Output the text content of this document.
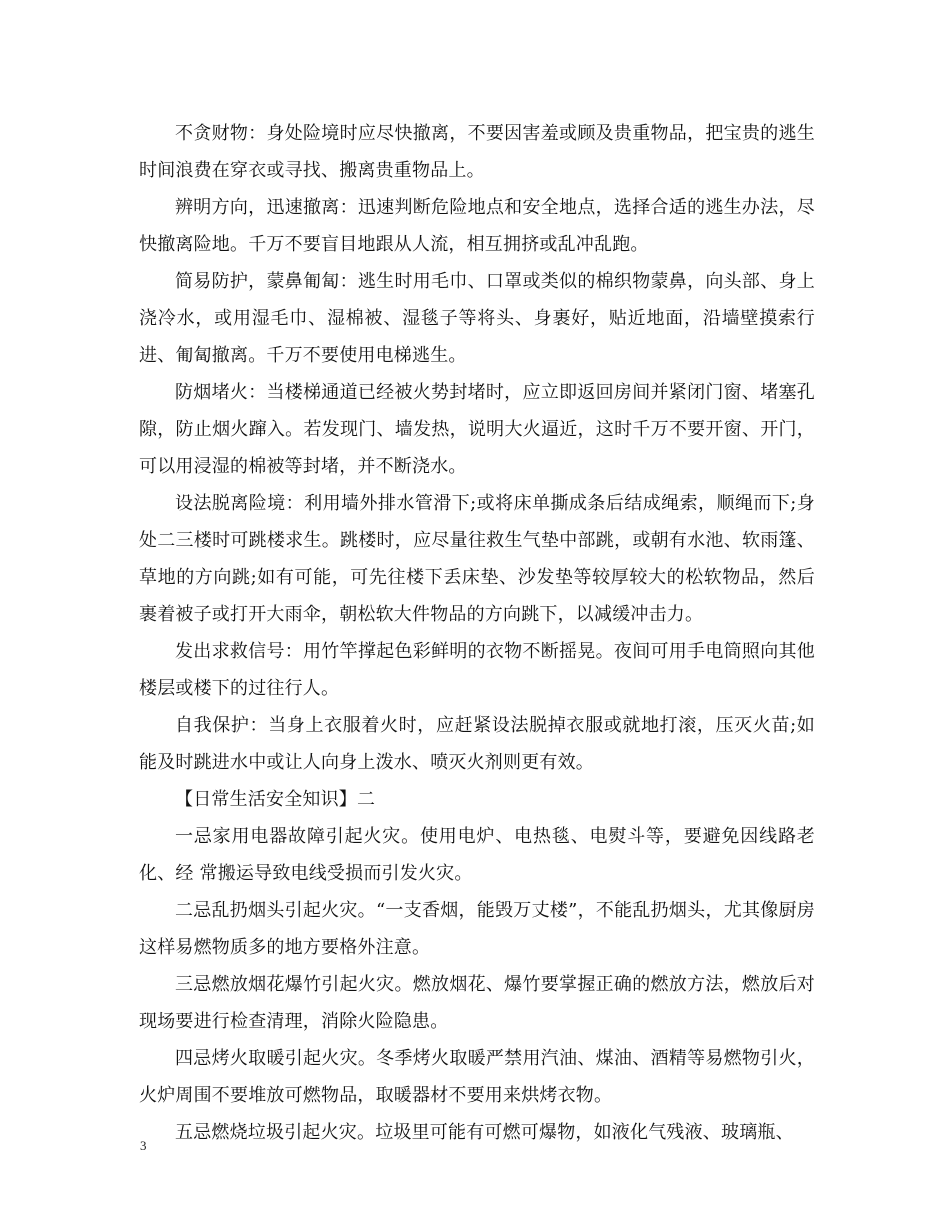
不贪财物：身处险境时应尽快撤离，不要因害羞或顾及贵重物品，把宝贵的逃生时间浪费在穿衣或寻找、搬离贵重物品上。

辨明方向，迅速撤离：迅速判断危险地点和安全地点，选择合适的逃生办法，尽快撤离险地。千万不要盲目地跟从人流，相互拥挤或乱冲乱跑。

简易防护，蒙鼻匍匐：逃生时用毛巾、口罩或类似的棉织物蒙鼻，向头部、身上浇冷水，或用湿毛巾、湿棉被、湿毯子等将头、身裹好，贴近地面，沿墙壁摸索行进、匍匐撤离。千万不要使用电梯逃生。

防烟堵火：当楼梯通道已经被火势封堵时，应立即返回房间并紧闭门窗、堵塞孔隙，防止烟火蹿入。若发现门、墙发热，说明大火逼近，这时千万不要开窗、开门，可以用浸湿的棉被等封堵，并不断浇水。

设法脱离险境：利用墙外排水管滑下;或将床单撕成条后结成绳索，顺绳而下;身处二三楼时可跳楼求生。跳楼时，应尽量往救生气垫中部跳，或朝有水池、软雨篷、草地的方向跳;如有可能，可先往楼下丢床垫、沙发垫等较厚较大的松软物品，然后裹着被子或打开大雨伞，朝松软大件物品的方向跳下，以减缓冲击力。

发出求救信号：用竹竿撑起色彩鲜明的衣物不断摇晃。夜间可用手电筒照向其他楼层或楼下的过往行人。

自我保护：当身上衣服着火时，应赶紧设法脱掉衣服或就地打滚，压灭火苗;如能及时跳进水中或让人向身上泼水、喷灭火剂则更有效。

【日常生活安全知识】二

一忌家用电器故障引起火灾。使用电炉、电热毯、电熨斗等，要避免因线路老化、经 常搬运导致电线受损而引发火灾。

二忌乱扔烟头引起火灾。“一支香烟，能毁万丈楼”，不能乱扔烟头，尤其像厨房这样易燃物质多的地方要格外注意。

三忌燃放烟花爆竹引起火灾。燃放烟花、爆竹要掌握正确的燃放方法，燃放后对现场要进行检查清理，消除火险隐患。

四忌烤火取暖引起火灾。冬季烤火取暖严禁用汽油、煤油、酒精等易燃物引火，火炉周围不要堆放可燃物品，取暖器材不要用来烘烤衣物。

五忌燃烧垃圾引起火灾。垃圾里可能有可燃可爆物，如液化气残液、玻璃瓶、

3
